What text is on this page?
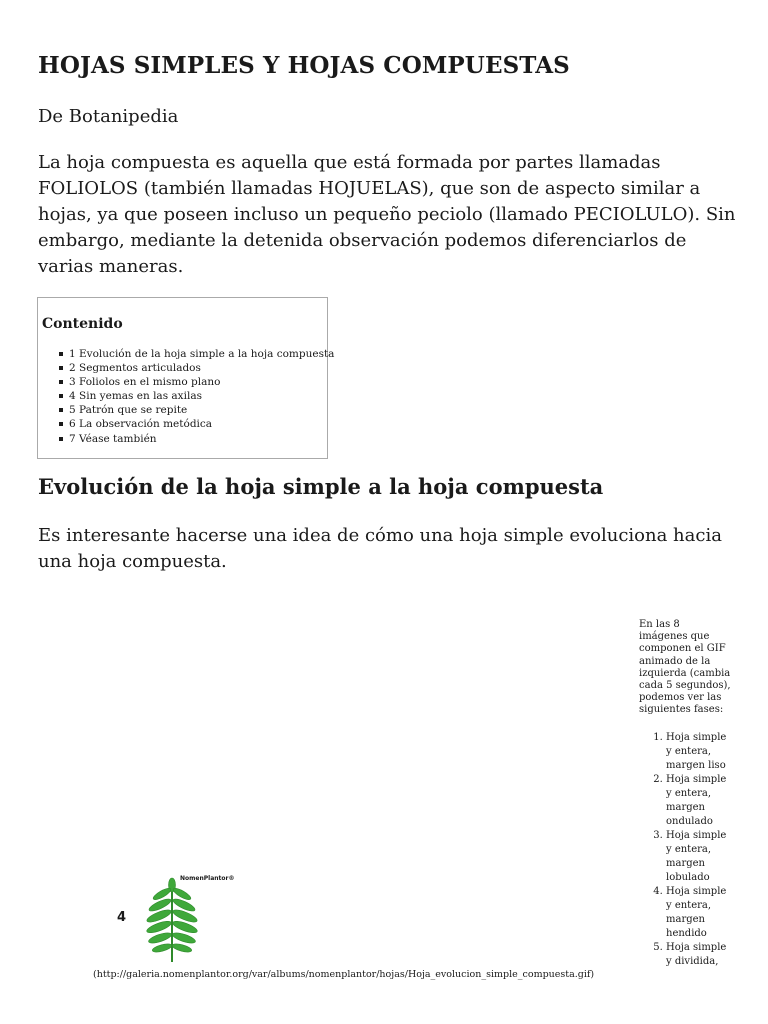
HOJAS SIMPLES Y HOJAS COMPUESTAS

De Botanipedia

La hoja compuesta es aquella que está formada por partes llamadas FOLIOLOS (también llamadas HOJUELAS), que son de aspecto similar a hojas, ya que poseen incluso un pequeño peciolo (llamado PECIOLULO). Sin embargo, mediante la detenida observación podemos diferenciarlos de varias maneras.

Contenido

1 Evolución de la hoja simple a la hoja compuesta
2 Segmentos articulados
3 Foliolos en el mismo plano
4 Sin yemas en las axilas
5 Patrón que se repite
6 La observación metódica
7 Véase también
Evolución de la hoja simple a la hoja compuesta

Es interesante hacerse una idea de cómo una hoja simple evoluciona hacia una hoja compuesta.

En las 8 imágenes que componen el GIF animado de la izquierda (cambia cada 5 segundos), podemos ver las siguientes fases:

1. Hoja simple y entera, margen liso
2. Hoja simple y entera, margen ondulado
3. Hoja simple y entera, margen lobulado
4. Hoja simple y entera, margen hendido
5. Hoja simple y dividida,
4
NomenPlantor®

(http://galeria.nomenplantor.org/var/albums/nomenplantor/hojas/Hoja_evolucion_simple_compuesta.gif)
